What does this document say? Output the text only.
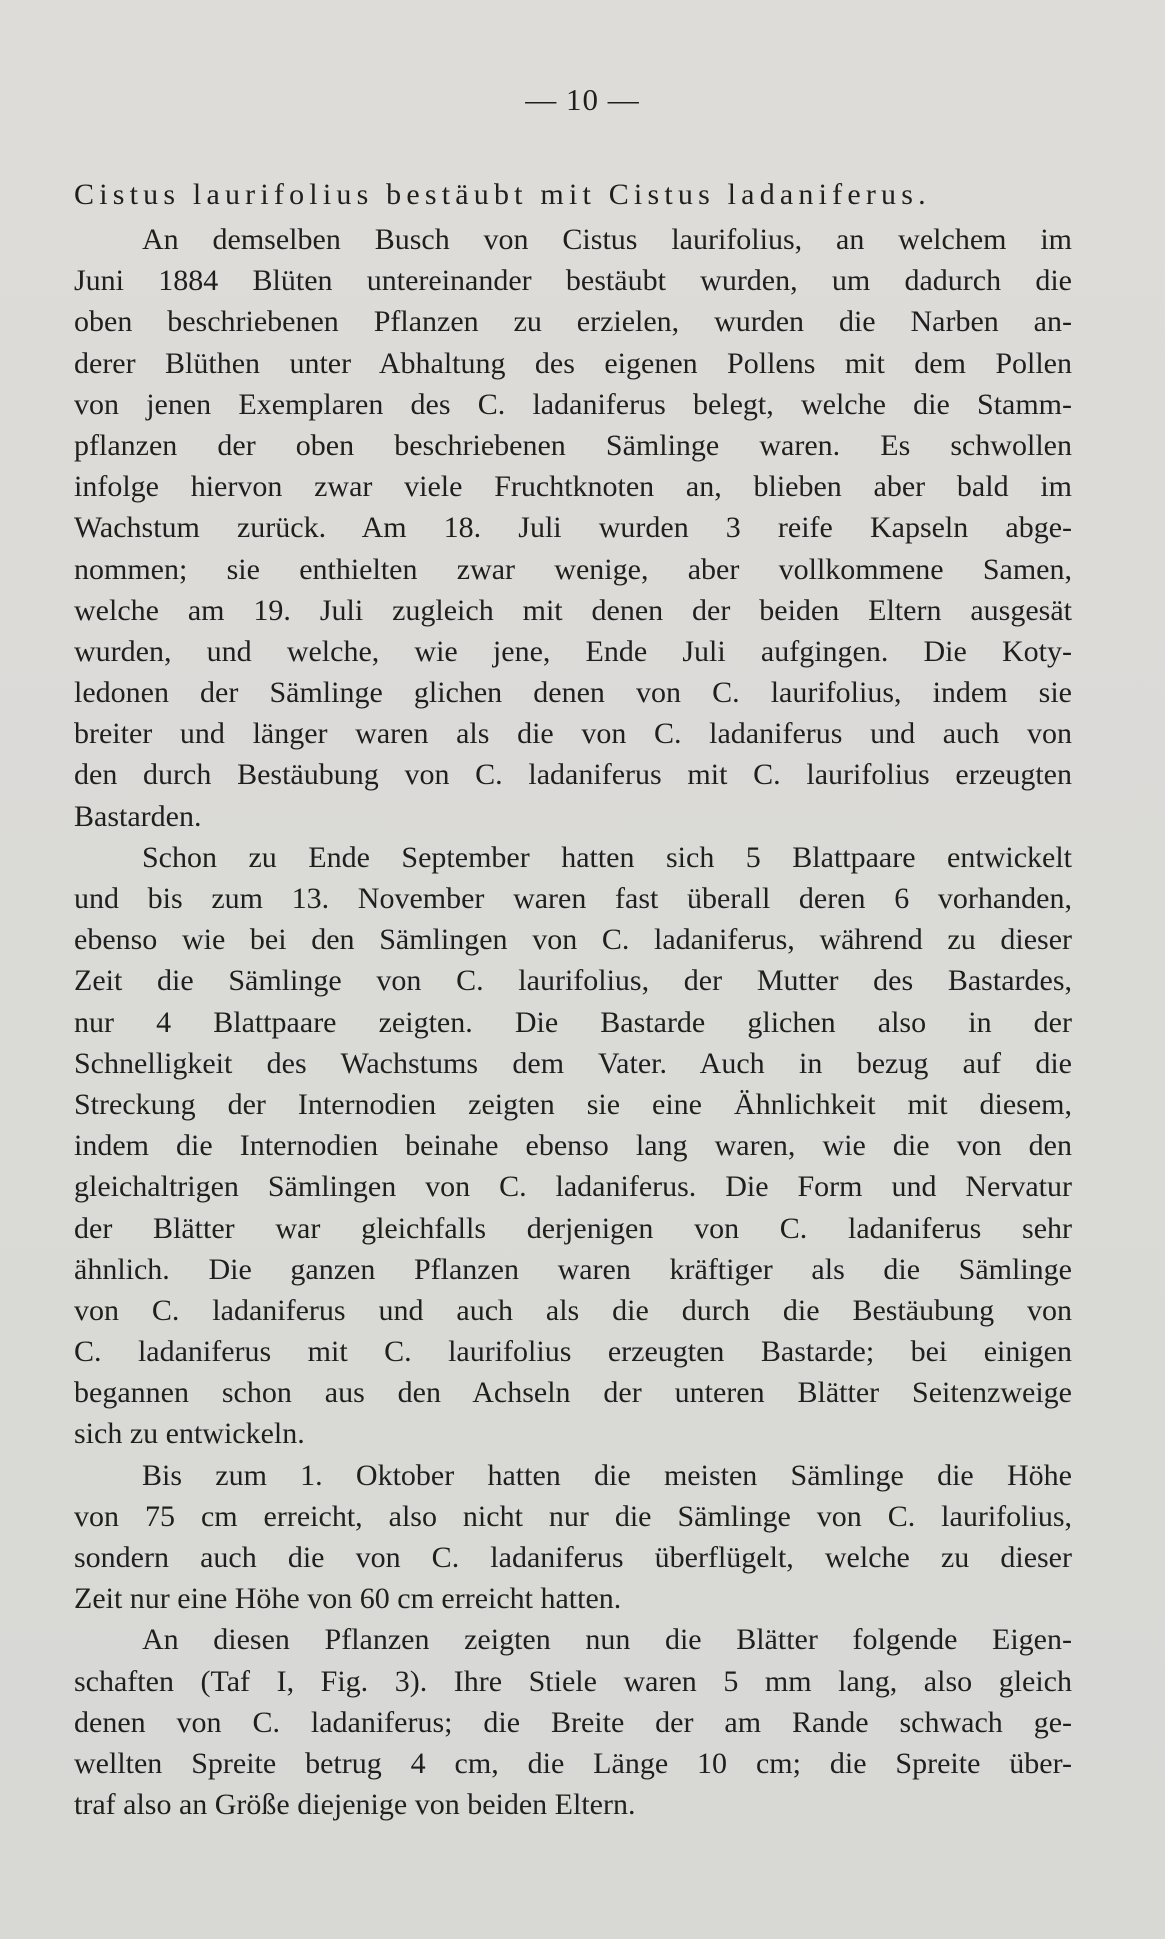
— 10 —

Cistus laurifolius bestäubt mit Cistus ladaniferus.

An demselben Busch von Cistus laurifolius, an welchem im
Juni 1884 Blüten untereinander bestäubt wurden, um dadurch die
oben beschriebenen Pflanzen zu erzielen, wurden die Narben an-
derer Blüthen unter Abhaltung des eigenen Pollens mit dem Pollen
von jenen Exemplaren des C. ladaniferus belegt, welche die Stamm-
pflanzen der oben beschriebenen Sämlinge waren. Es schwollen
infolge hiervon zwar viele Fruchtknoten an, blieben aber bald im
Wachstum zurück. Am 18. Juli wurden 3 reife Kapseln abge-
nommen; sie enthielten zwar wenige, aber vollkommene Samen,
welche am 19. Juli zugleich mit denen der beiden Eltern ausgesät
wurden, und welche, wie jene, Ende Juli aufgingen. Die Koty-
ledonen der Sämlinge glichen denen von C. laurifolius, indem sie
breiter und länger waren als die von C. ladaniferus und auch von
den durch Bestäubung von C. ladaniferus mit C. laurifolius erzeugten
Bastarden.
Schon zu Ende September hatten sich 5 Blattpaare entwickelt
und bis zum 13. November waren fast überall deren 6 vorhanden,
ebenso wie bei den Sämlingen von C. ladaniferus, während zu dieser
Zeit die Sämlinge von C. laurifolius, der Mutter des Bastardes,
nur 4 Blattpaare zeigten. Die Bastarde glichen also in der
Schnelligkeit des Wachstums dem Vater. Auch in bezug auf die
Streckung der Internodien zeigten sie eine Ähnlichkeit mit diesem,
indem die Internodien beinahe ebenso lang waren, wie die von den
gleichaltrigen Sämlingen von C. ladaniferus. Die Form und Nervatur
der Blätter war gleichfalls derjenigen von C. ladaniferus sehr
ähnlich. Die ganzen Pflanzen waren kräftiger als die Sämlinge
von C. ladaniferus und auch als die durch die Bestäubung von
C. ladaniferus mit C. laurifolius erzeugten Bastarde; bei einigen
begannen schon aus den Achseln der unteren Blätter Seitenzweige
sich zu entwickeln.
Bis zum 1. Oktober hatten die meisten Sämlinge die Höhe
von 75 cm erreicht, also nicht nur die Sämlinge von C. laurifolius,
sondern auch die von C. ladaniferus überflügelt, welche zu dieser
Zeit nur eine Höhe von 60 cm erreicht hatten.
An diesen Pflanzen zeigten nun die Blätter folgende Eigen-
schaften (Taf I, Fig. 3). Ihre Stiele waren 5 mm lang, also gleich
denen von C. ladaniferus; die Breite der am Rande schwach ge-
wellten Spreite betrug 4 cm, die Länge 10 cm; die Spreite über-
traf also an Größe diejenige von beiden Eltern.
